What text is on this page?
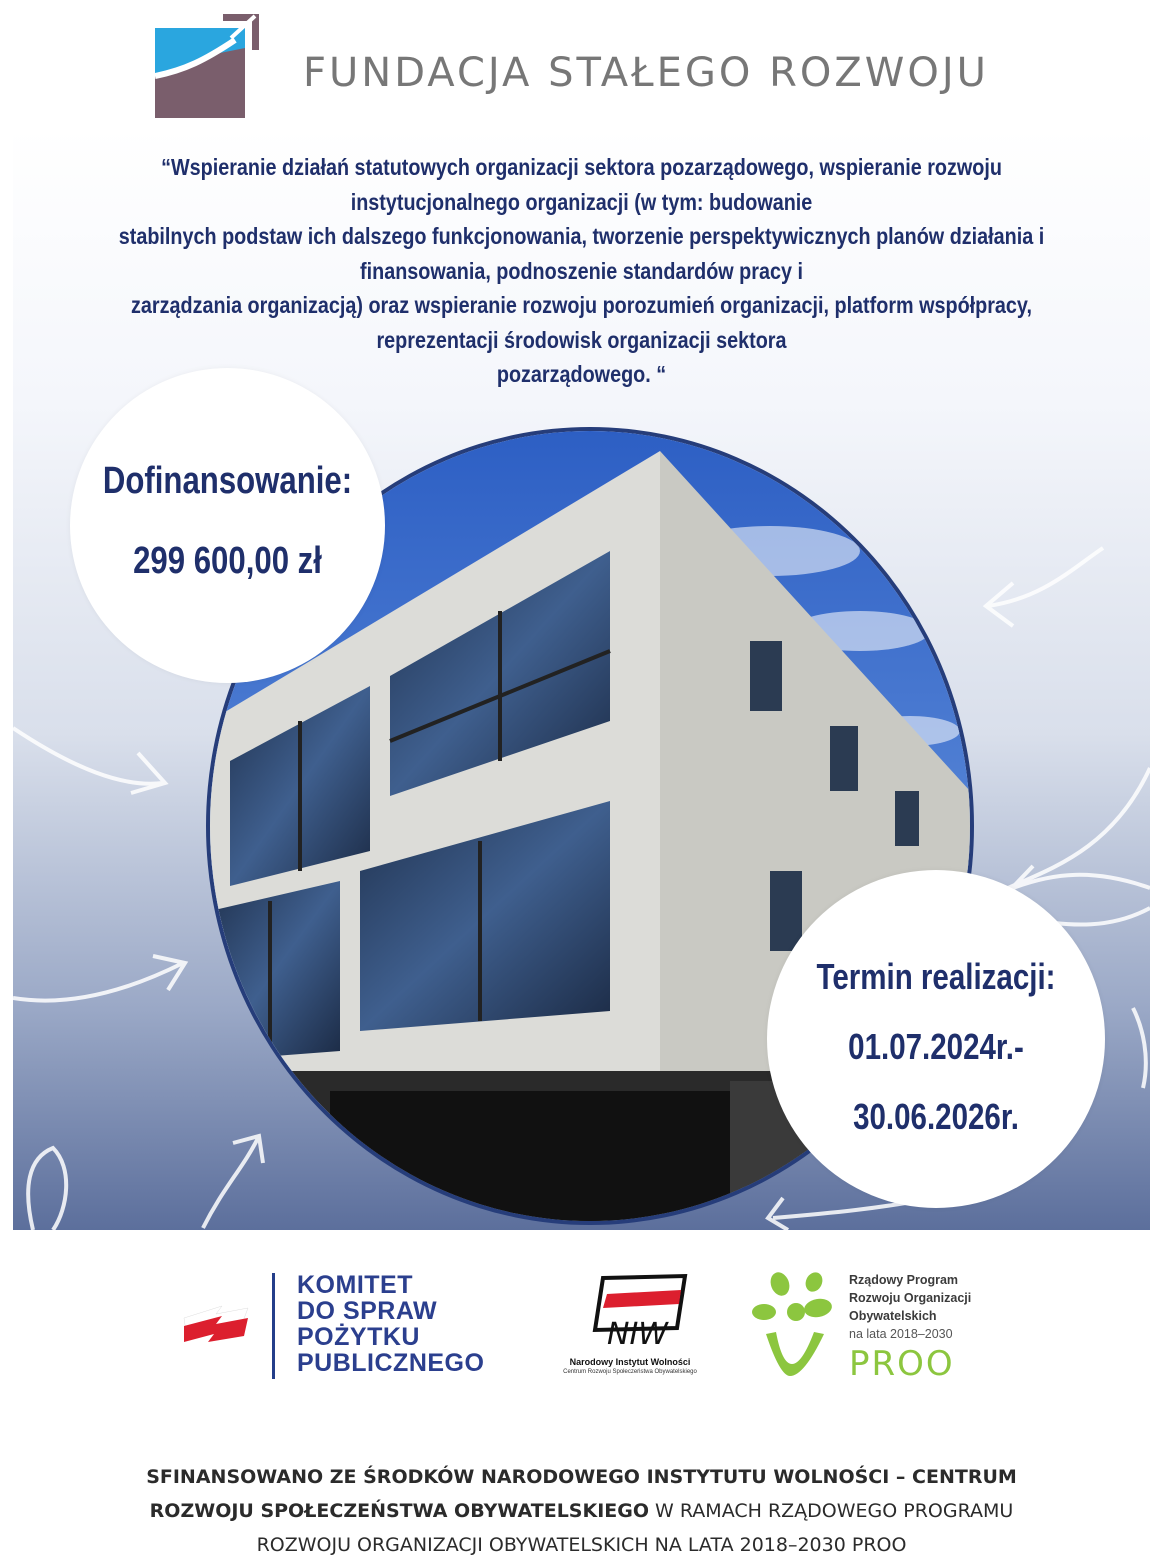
FUNDACJA STAŁEGO ROZWOJU
“Wspieranie działań statutowych organizacji sektora pozarządowego, wspieranie rozwoju
instytucjonalnego organizacji (w tym: budowanie
stabilnych podstaw ich dalszego funkcjonowania, tworzenie perspektywicznych planów działania i
finansowania, podnoszenie standardów pracy i
zarządzania organizacją) oraz wspieranie rozwoju porozumień organizacji, platform współpracy,
reprezentacji środowisk organizacji sektora
pozarządowego. “
Dofinansowanie:
299 600,00 zł
Termin realizacji:
01.07.2024r.-
30.06.2026r.
KOMITET
DO SPRAW
POŻYTKU
PUBLICZNEGO
NIW
Narodowy Instytut Wolności
Centrum Rozwoju Społeczeństwa Obywatelskiego
Rządowy Program
Rozwoju Organizacji
Obywatelskich
na lata 2018–2030
PROO
SFINANSOWANO ZE ŚRODKÓW NARODOWEGO INSTYTUTU WOLNOŚCI – CENTRUM
ROZWOJU SPOŁECZEŃSTWA OBYWATELSKIEGO W RAMACH RZĄDOWEGO PROGRAMU
ROZWOJU ORGANIZACJI OBYWATELSKICH NA LATA 2018–2030 PROO
